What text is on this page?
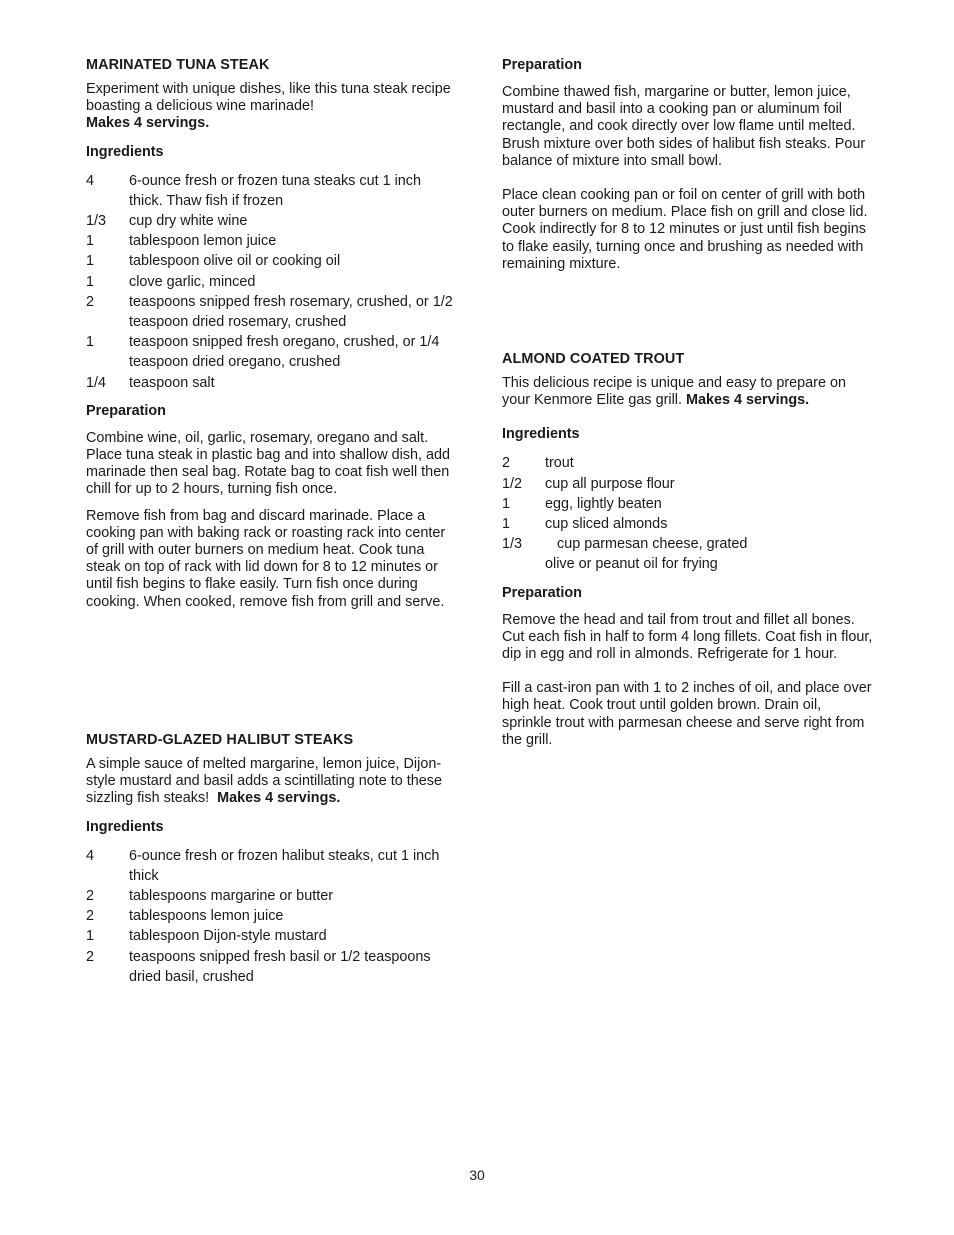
MARINATED TUNA STEAK

Experiment with unique dishes, like this tuna steak recipe boasting a delicious wine marinade!
Makes 4 servings.

Ingredients
4	6-ounce fresh or frozen tuna steaks cut 1 inch thick. Thaw fish if frozen
1/3	cup dry white wine
1	tablespoon lemon juice
1	tablespoon olive oil or cooking oil
1	clove garlic, minced
2	teaspoons snipped fresh rosemary, crushed, or 1/2 teaspoon dried rosemary, crushed
1	teaspoon snipped fresh oregano, crushed, or 1/4 teaspoon dried oregano, crushed
1/4	teaspoon salt
Preparation

Combine wine, oil, garlic, rosemary, oregano and salt. Place tuna steak in plastic bag and into shallow dish, add marinade then seal bag. Rotate bag to coat fish well then chill for up to 2 hours, turning fish once.

Remove fish from bag and discard marinade. Place a cooking pan with baking rack or roasting rack into center of grill with outer burners on medium heat. Cook tuna steak on top of rack with lid down for 8 to 12 minutes or until fish begins to flake easily. Turn fish once during cooking. When cooked, remove fish from grill and serve.

MUSTARD-GLAZED HALIBUT STEAKS

A simple sauce of melted margarine, lemon juice, Dijon-style mustard and basil adds a scintillating note to these sizzling fish steaks! Makes 4 servings.

Ingredients
4	6-ounce fresh or frozen halibut steaks, cut 1 inch thick
2	tablespoons margarine or butter
2	tablespoons lemon juice
1	tablespoon Dijon-style mustard
2	teaspoons snipped fresh basil or 1/2 teaspoons dried basil, crushed
Preparation

Combine thawed fish, margarine or butter, lemon juice, mustard and basil into a cooking pan or aluminum foil rectangle, and cook directly over low flame until melted. Brush mixture over both sides of halibut fish steaks. Pour balance of mixture into small bowl.

Place clean cooking pan or foil on center of grill with both outer burners on medium. Place fish on grill and close lid. Cook indirectly for 8 to 12 minutes or just until fish begins to flake easily, turning once and brushing as needed with remaining mixture.

ALMOND COATED TROUT

This delicious recipe is unique and easy to prepare on your Kenmore Elite gas grill. Makes 4 servings.

Ingredients
2	trout
1/2	cup all purpose flour
1	egg, lightly beaten
1	cup sliced almonds
1/3	cup parmesan cheese, grated
olive or peanut oil for frying
Preparation

Remove the head and tail from trout and fillet all bones. Cut each fish in half to form 4 long fillets. Coat fish in flour, dip in egg and roll in almonds. Refrigerate for 1 hour.

Fill a cast-iron pan with 1 to 2 inches of oil, and place over high heat. Cook trout until golden brown. Drain oil, sprinkle trout with parmesan cheese and serve right from the grill.

30
